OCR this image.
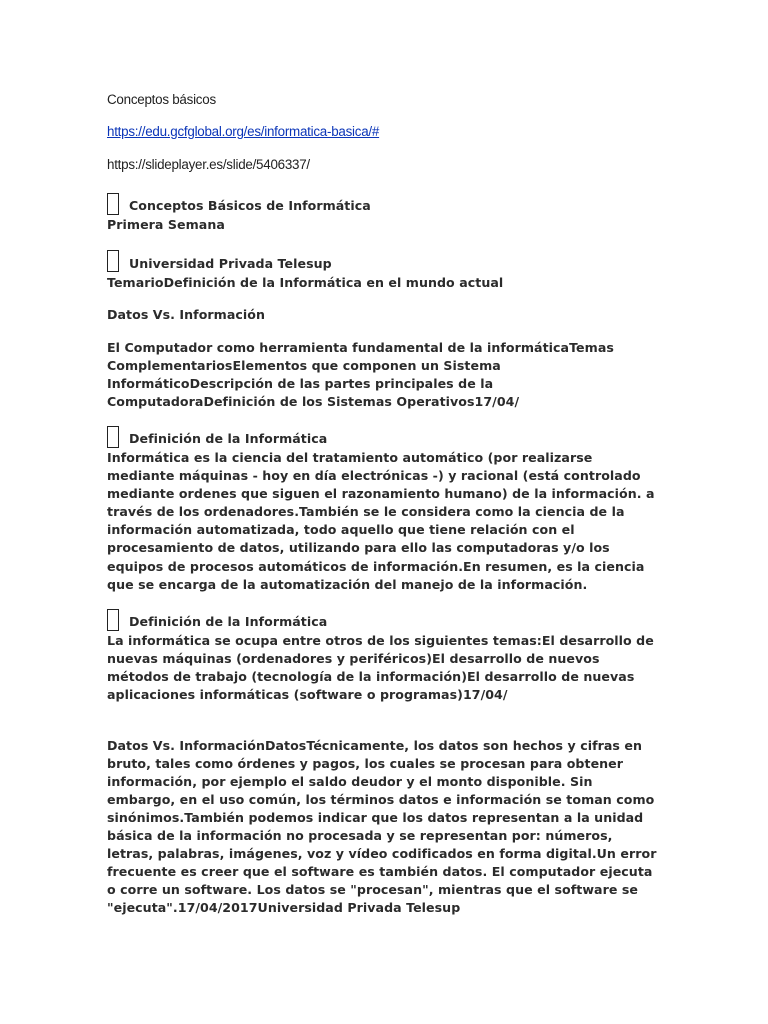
Conceptos básicos
https://edu.gcfglobal.org/es/informatica-basica/#
https://slideplayer.es/slide/5406337/
Conceptos Básicos de Informática
Primera Semana
Universidad Privada Telesup
TemarioDefinición de la Informática en el mundo actual
Datos Vs. Información
El Computador como herramienta fundamental de la informáticaTemas
ComplementariosElementos que componen un Sistema
InformáticoDescripción de las partes principales de la
ComputadoraDefinición de los Sistemas Operativos17/04/
Definición de la Informática
Informática es la ciencia del tratamiento automático (por realizarse
mediante máquinas - hoy en día electrónicas -) y racional (está controlado
mediante ordenes que siguen el razonamiento humano) de la información. a
través de los ordenadores.También se le considera como la ciencia de la
información automatizada, todo aquello que tiene relación con el
procesamiento de datos, utilizando para ello las computadoras y/o los
equipos de procesos automáticos de información.En resumen, es la ciencia
que se encarga de la automatización del manejo de la información.
Definición de la Informática
La informática se ocupa entre otros de los siguientes temas:El desarrollo de
nuevas máquinas (ordenadores y periféricos)El desarrollo de nuevos
métodos de trabajo (tecnología de la información)El desarrollo de nuevas
aplicaciones informáticas (software o programas)17/04/
Datos Vs. InformaciónDatosTécnicamente, los datos son hechos y cifras en
bruto, tales como órdenes y pagos, los cuales se procesan para obtener
información, por ejemplo el saldo deudor y el monto disponible. Sin
embargo, en el uso común, los términos datos e información se toman como
sinónimos.También podemos indicar que los datos representan a la unidad
básica de la información no procesada y se representan por: números,
letras, palabras, imágenes, voz y vídeo codificados en forma digital.Un error
frecuente es creer que el software es también datos. El computador ejecuta
o corre un software. Los datos se "procesan", mientras que el software se
"ejecuta".17/04/2017Universidad Privada Telesup
